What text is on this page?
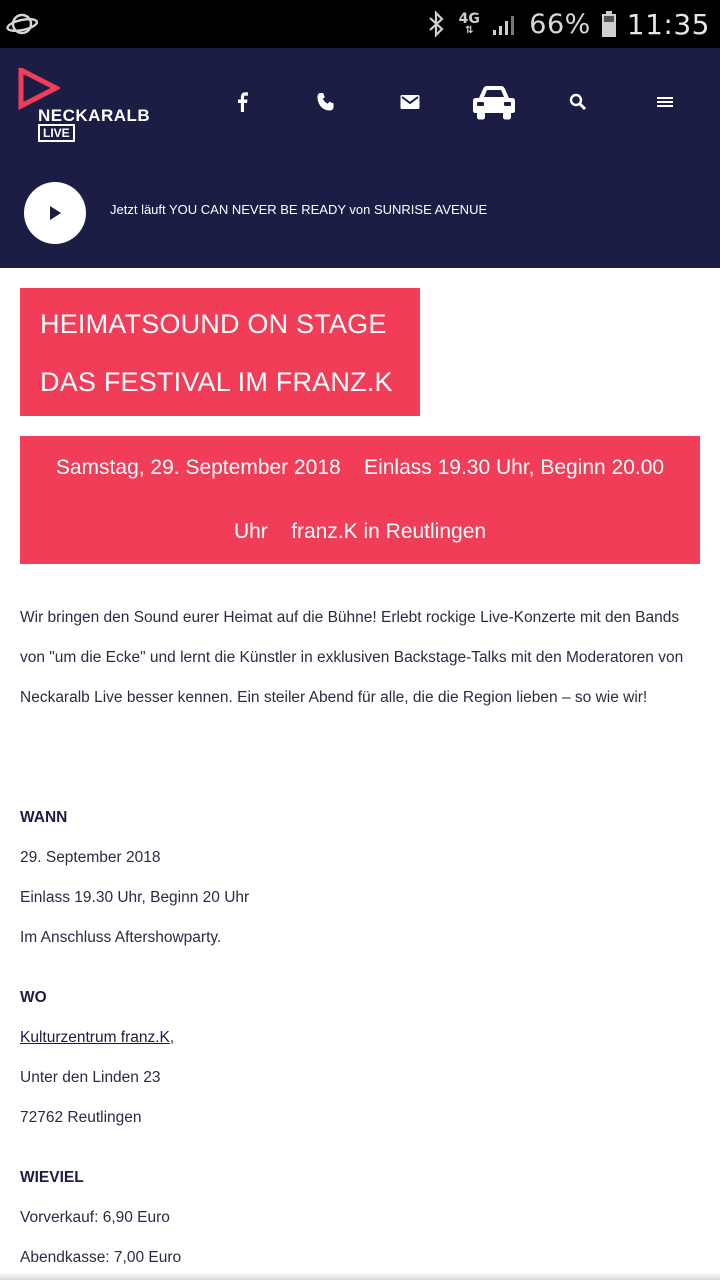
4G
⇅ 66% 11:35
NECKARALB
LIVE
Jetzt läuft YOU CAN NEVER BE READY von SUNRISE AVENUE
HEIMATSOUND ON STAGE
DAS FESTIVAL IM FRANZ.K
Samstag, 29. September 2018    Einlass 19.30 Uhr, Beginn 20.00
Uhr    franz.K in Reutlingen
Wir bringen den Sound eurer Heimat auf die Bühne! Erlebt rockige Live-Konzerte mit den Bands von "um die Ecke" und lernt die Künstler in exklusiven Backstage-Talks mit den Moderatoren von Neckaralb Live besser kennen. Ein steiler Abend für alle, die die Region lieben – so wie wir!
WANN
29. September 2018
Einlass 19.30 Uhr, Beginn 20 Uhr
Im Anschluss Aftershowparty.
WO
Kulturzentrum franz.K,
Unter den Linden 23
72762 Reutlingen
WIEVIEL
Vorverkauf: 6,90 Euro
Abendkasse: 7,00 Euro
